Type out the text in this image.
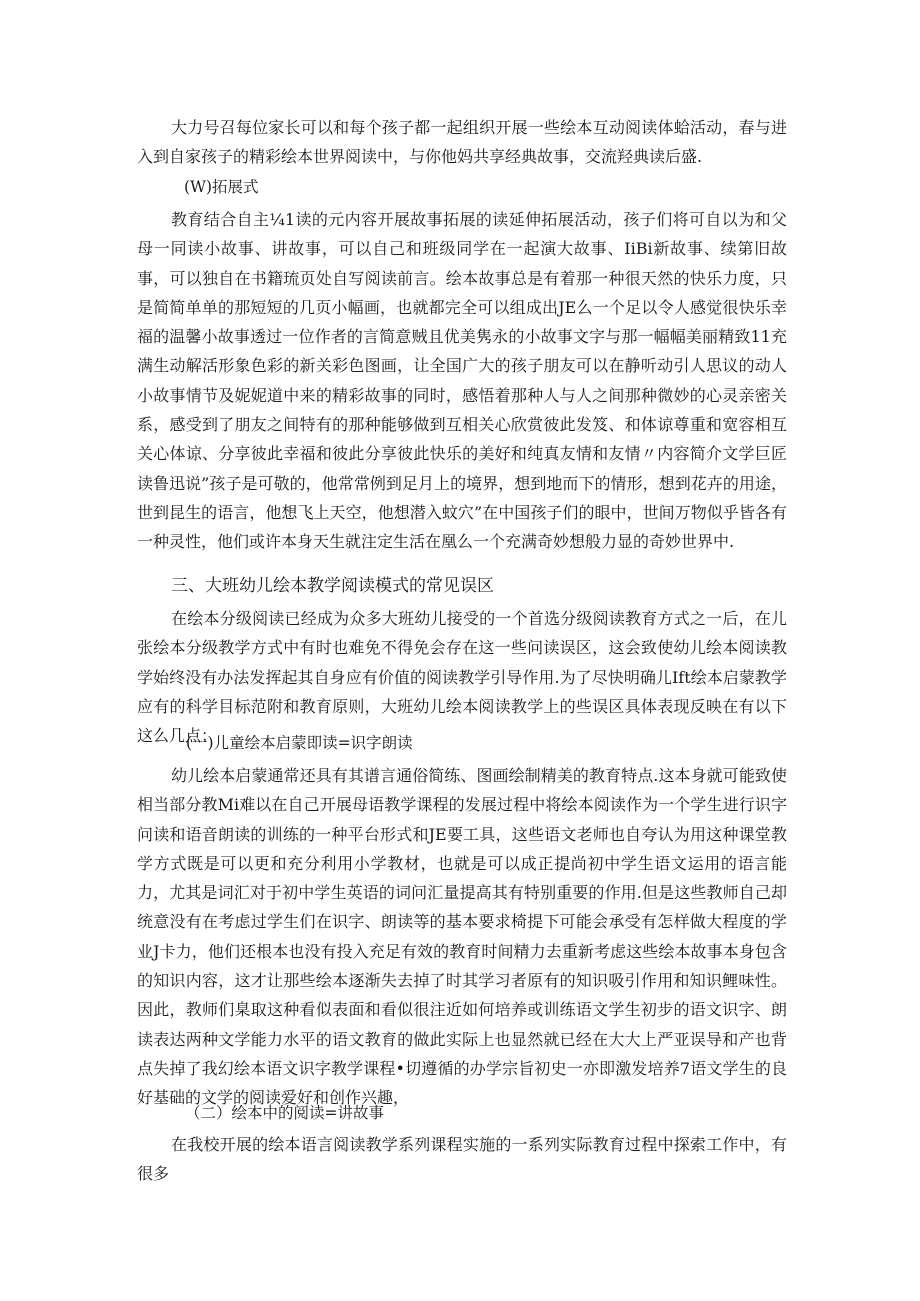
大力号召每位家长可以和每个孩子都一起组织开展一些绘本互动阅读体蛤活动，春与进入到自家孩子的精彩绘本世界阅读中，与你他妈共享经典故事，交流羟典读后盛.

(W)拓展式

教育结合自主¼1读的元内容开展故事拓展的读延伸拓展活动，孩子们将可自以为和父母一同读小故事、讲故事，可以自己和班级同学在一起演大故事、IiBi新故事、续第旧故事，可以独自在书籍琉页处自写阅读前言。绘本故事总是有着那一种很天然的快乐力度，只是简简单单的那短短的几页小幅画，也就都完全可以组成出JE么一个足以令人感觉很快乐幸福的温馨小故事透过一位作者的言简意贼且优美隽永的小故事文字与那一幅幅美丽精致11充满生动解活形象色彩的新关彩色图画，让全国广大的孩子朋友可以在静听动引人思议的动人小故事情节及妮妮道中来的精彩故事的同时，感悟着那种人与人之间那种微妙的心灵亲密关系，感受到了朋友之间特有的那种能够做到互相关心欣赏彼此发笈、和体谅尊重和宽容相互关心体谅、分享彼此幸福和彼此分享彼此快乐的美好和纯真友情和友情〃内容简介文学巨匠读鲁迅说”孩子是可敬的，他常常例到足月上的境界，想到地而下的情形，想到花卉的用途，世到昆生的语言，他想飞上天空，他想潜入蚊穴”在中国孩子们的眼中，世间万物似乎皆各有一种灵性，他们或许本身天生就注定生活在凰么一个充满奇妙想般力显的奇妙世界中.

三、大班幼儿绘本教学阅读模式的常见误区

在绘本分级阅读已经成为众多大班幼儿接受的一个首选分级阅读教育方式之一后，在儿张绘本分级教学方式中有时也难免不得免会存在这一些问读误区，这会致使幼儿绘本阅读教学始终没有办法发挥起其自身应有价值的阅读教学引导作用.为了尽快明确儿Ift绘本启蒙教学应有的科学目标范附和教育原则，大班幼儿绘本阅读教学上的些误区具体表现反映在有以下这么几点：

(一)儿童绘本启蒙即读=识字朗读

幼儿绘本启蒙通常还具有其谱言通俗简练、图画绘制精美的教育特点.这本身就可能致使相当部分教Mi难以在自己开展母语教学课程的发展过程中将绘本阅读作为一个学生进行识字问读和语音朗读的训练的一种平台形式和JE要工具，这些语文老师也自夸认为用这种课堂教学方式既是可以更和充分利用小学教材，也就是可以成正提尚初中学生语文运用的语言能力，尤其是词汇对于初中学生英语的词问汇量提高其有特别重要的作用.但是这些教师自己却统意没有在考虑过学生们在识字、朗读等的基本要求椅提下可能会承受有怎样做大程度的学业J卡力，他们还根本也没有投入充足有效的教育时间精力去重新考虑这些绘本故事本身包含的知识内容，这才让那些绘本逐渐失去掉了时其学习者原有的知识吸引作用和知识鲤味性。因此，教师们臬取这种看似表面和看似很注近如何培养或训练语文学生初步的语文识字、朗读表达两种文学能力水平的语文教育的做此实际上也显然就已经在大大上严亚误导和产也背点失掉了我幻绘本语文识字教学课程•切遵循的办学宗旨初史一亦即激发培养7语文学生的良好基础的文学的阅读爱好和创作兴趣，

（二）绘本中的阅读=讲故事

在我校开展的绘本语言阅读教学系列课程实施的一系列实际教育过程中探索工作中，有很多
